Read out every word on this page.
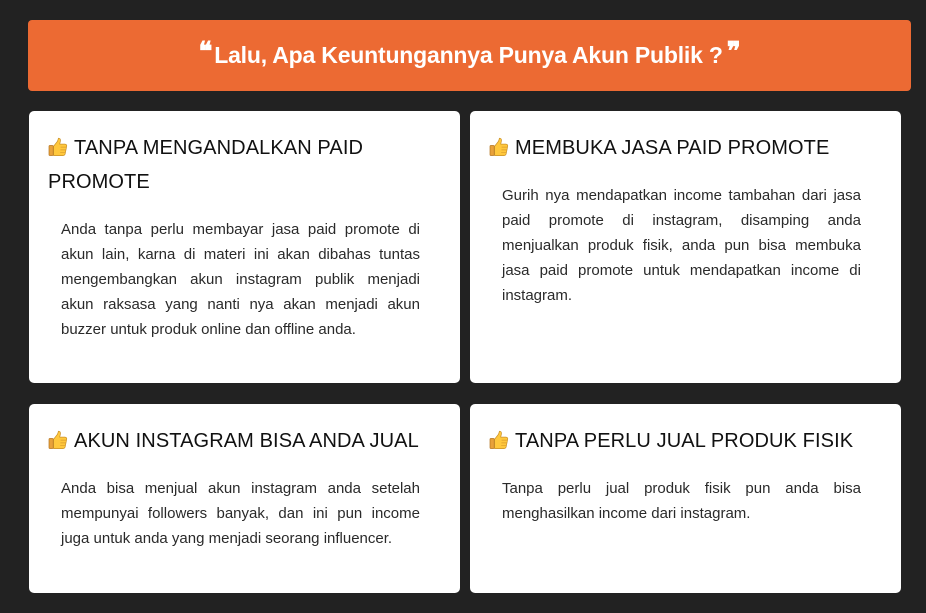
❝ Lalu, Apa Keuntungannya Punya Akun Publik ? ❞
TANPA MENGANDALKAN PAID PROMOTE

Anda tanpa perlu membayar jasa paid promote di akun lain, karna di materi ini akan dibahas tuntas mengembangkan akun instagram publik menjadi akun raksasa yang nanti nya akan menjadi akun buzzer untuk produk online dan offline anda.

MEMBUKA JASA PAID PROMOTE

Gurih nya mendapatkan income tambahan dari jasa paid promote di instagram, disamping anda menjualkan produk fisik, anda pun bisa membuka jasa paid promote untuk mendapatkan income di instagram.

AKUN INSTAGRAM BISA ANDA JUAL

Anda bisa menjual akun instagram anda setelah mempunyai followers banyak, dan ini pun income juga untuk anda yang menjadi seorang influencer.

TANPA PERLU JUAL PRODUK FISIK

Tanpa perlu jual produk fisik pun anda bisa menghasilkan income dari instagram.
